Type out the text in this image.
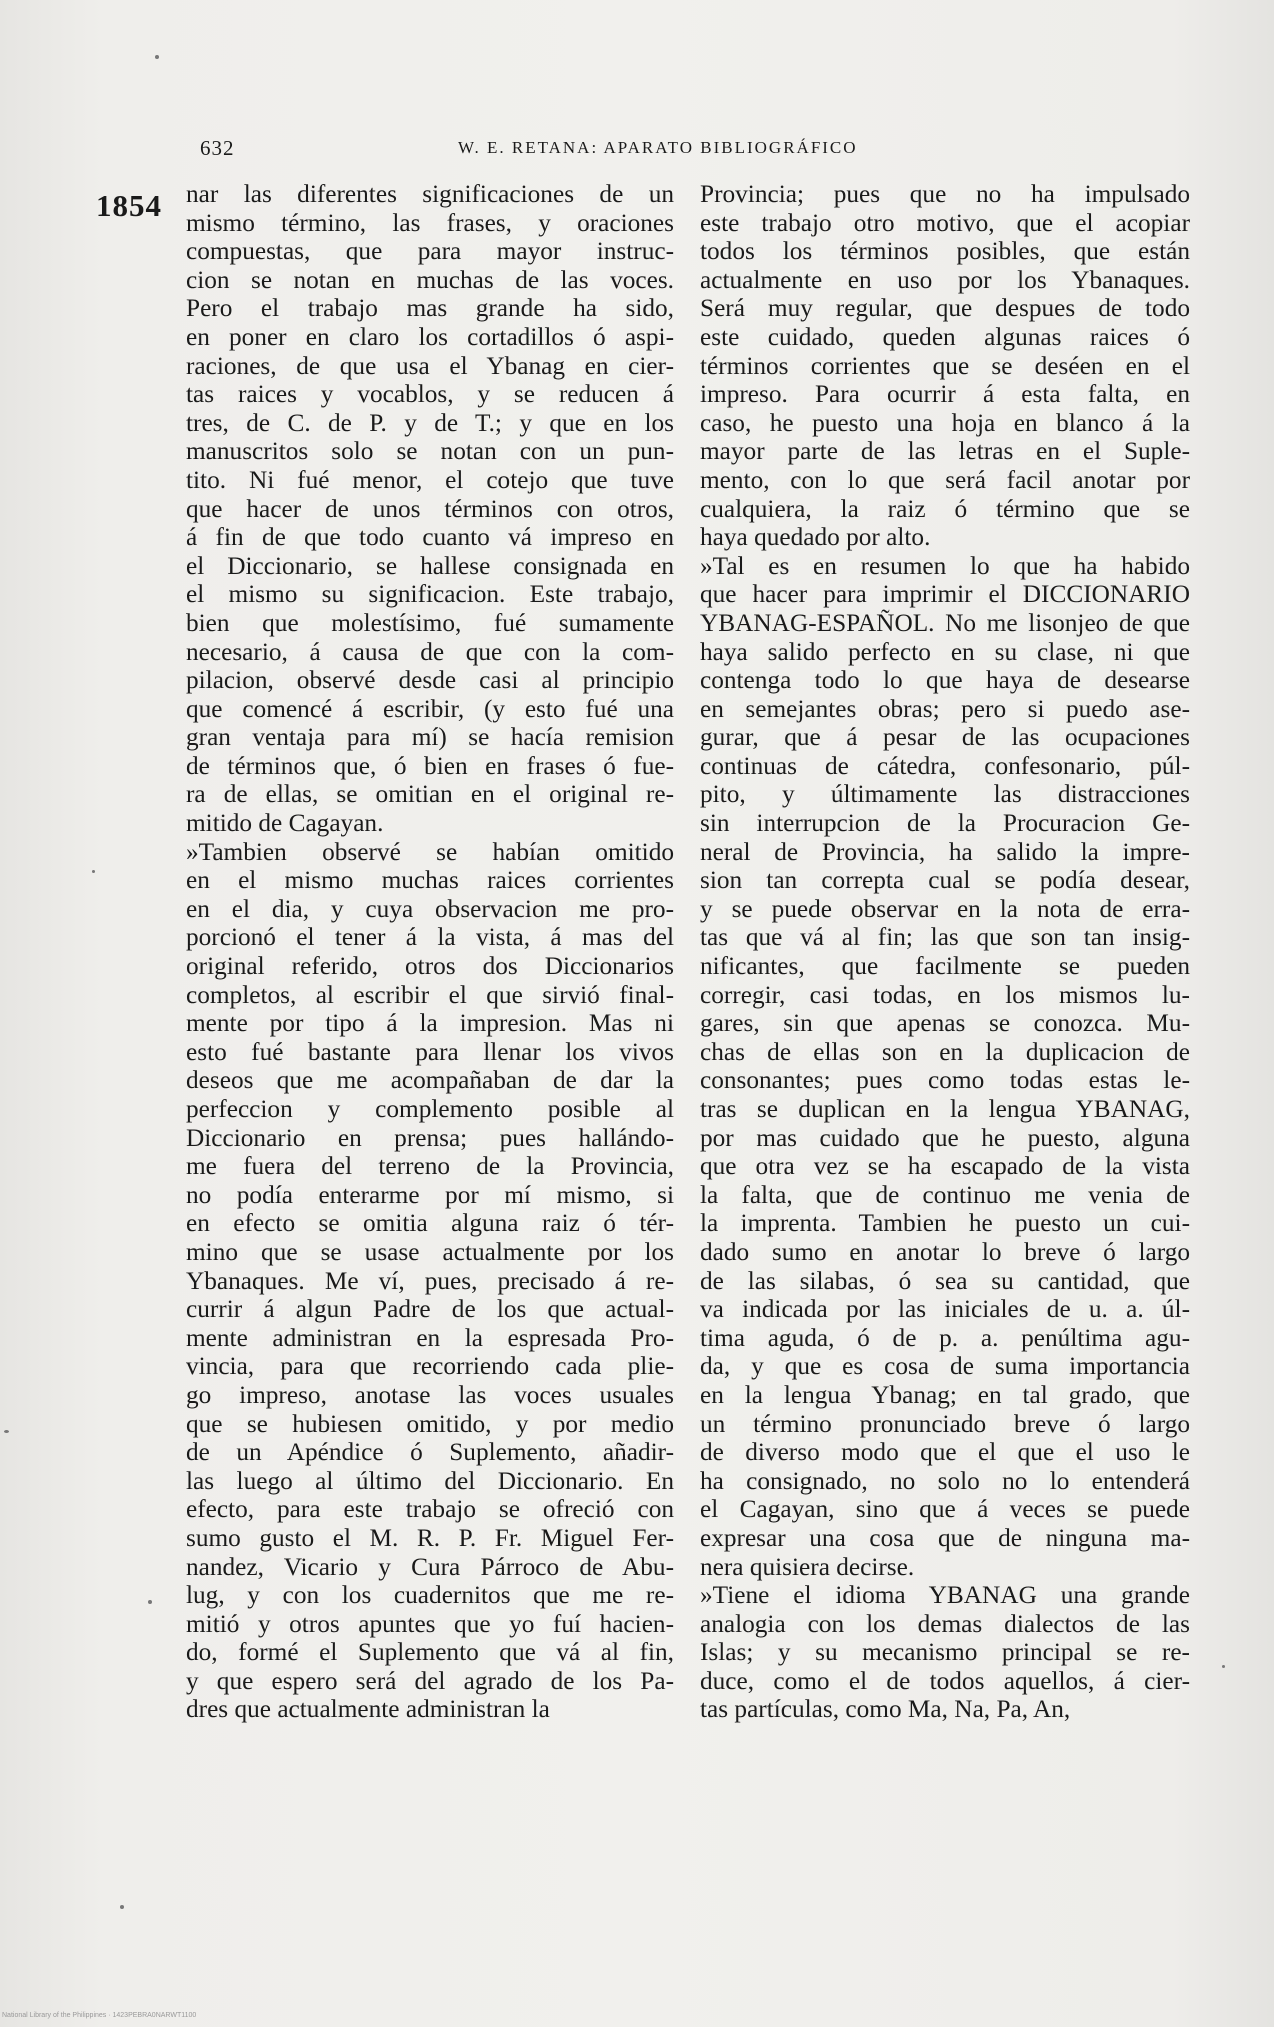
632	W. E. RETANA: APARATO BIBLIOGRÁFICO
1854 nar las diferentes significaciones de un
mismo término, las frases, y oraciones
compuestas, que para mayor instruc-
cion se notan en muchas de las voces.
Pero el trabajo mas grande ha sido,
en poner en claro los cortadillos ó aspi-
raciones, de que usa el Ybanag en cier-
tas raices y vocablos, y se reducen á
tres, de C. de P. y de T.; y que en los
manuscritos solo se notan con un pun-
tito. Ni fué menor, el cotejo que tuve
que hacer de unos términos con otros,
á fin de que todo cuanto vá impreso en
el Diccionario, se hallese consignada en
el mismo su significacion. Este trabajo,
bien que molestísimo, fué sumamente
necesario, á causa de que con la com-
pilacion, observé desde casi al principio
que comencé á escribir, (y esto fué una
gran ventaja para mí) se hacía remision
de términos que, ó bien en frases ó fue-
ra de ellas, se omitian en el original re-
mitido de Cagayan.
»Tambien observé se habían omitido
en el mismo muchas raices corrientes
en el dia, y cuya observacion me pro-
porcionó el tener á la vista, á mas del
original referido, otros dos Diccionarios
completos, al escribir el que sirvió final-
mente por tipo á la impresion. Mas ni
esto fué bastante para llenar los vivos
deseos que me acompañaban de dar la
perfeccion y complemento posible al
Diccionario en prensa; pues hallándo-
me fuera del terreno de la Provincia,
no podía enterarme por mí mismo, si
en efecto se omitia alguna raiz ó tér-
mino que se usase actualmente por los
Ybanaques. Me ví, pues, precisado á re-
currir á algun Padre de los que actual-
mente administran en la espresada Pro-
vincia, para que recorriendo cada plie-
go impreso, anotase las voces usuales
que se hubiesen omitido, y por medio
de un Apéndice ó Suplemento, añadir-
las luego al último del Diccionario. En
efecto, para este trabajo se ofreció con
sumo gusto el M. R. P. Fr. Miguel Fer-
nandez, Vicario y Cura Párroco de Abu-
lug, y con los cuadernitos que me re-
mitió y otros apuntes que yo fuí hacien-
do, formé el Suplemento que vá al fin,
y que espero será del agrado de los Pa-
dres que actualmente administran la
Provincia; pues que no ha impulsado
este trabajo otro motivo, que el acopiar
todos los términos posibles, que están
actualmente en uso por los Ybanaques.
Será muy regular, que despues de todo
este cuidado, queden algunas raices ó
términos corrientes que se deséen en el
impreso. Para ocurrir á esta falta, en
caso, he puesto una hoja en blanco á la
mayor parte de las letras en el Suple-
mento, con lo que será facil anotar por
cualquiera, la raiz ó término que se
haya quedado por alto.
»Tal es en resumen lo que ha habido
que hacer para imprimir el DICCIONARIO
YBANAG-ESPAÑOL. No me lisonjeo de que
haya salido perfecto en su clase, ni que
contenga todo lo que haya de desearse
en semejantes obras; pero si puedo ase-
gurar, que á pesar de las ocupaciones
continuas de cátedra, confesonario, púl-
pito, y últimamente las distracciones
sin interrupcion de la Procuracion Ge-
neral de Provincia, ha salido la impre-
sion tan correpta cual se podía desear,
y se puede observar en la nota de erra-
tas que vá al fin; las que son tan insig-
nificantes, que facilmente se pueden
corregir, casi todas, en los mismos lu-
gares, sin que apenas se conozca. Mu-
chas de ellas son en la duplicacion de
consonantes; pues como todas estas le-
tras se duplican en la lengua YBANAG,
por mas cuidado que he puesto, alguna
que otra vez se ha escapado de la vista
la falta, que de continuo me venia de
la imprenta. Tambien he puesto un cui-
dado sumo en anotar lo breve ó largo
de las silabas, ó sea su cantidad, que
va indicada por las iniciales de u. a. úl-
tima aguda, ó de p. a. penúltima agu-
da, y que es cosa de suma importancia
en la lengua Ybanag; en tal grado, que
un término pronunciado breve ó largo
de diverso modo que el que el uso le
ha consignado, no solo no lo entenderá
el Cagayan, sino que á veces se puede
expresar una cosa que de ninguna ma-
nera quisiera decirse.
»Tiene el idioma YBANAG una grande
analogia con los demas dialectos de las
Islas; y su mecanismo principal se re-
duce, como el de todos aquellos, á cier-
tas partículas, como Ma, Na, Pa, An,
National Library of the Philippines · 1423PEBRA0NARWT1100
